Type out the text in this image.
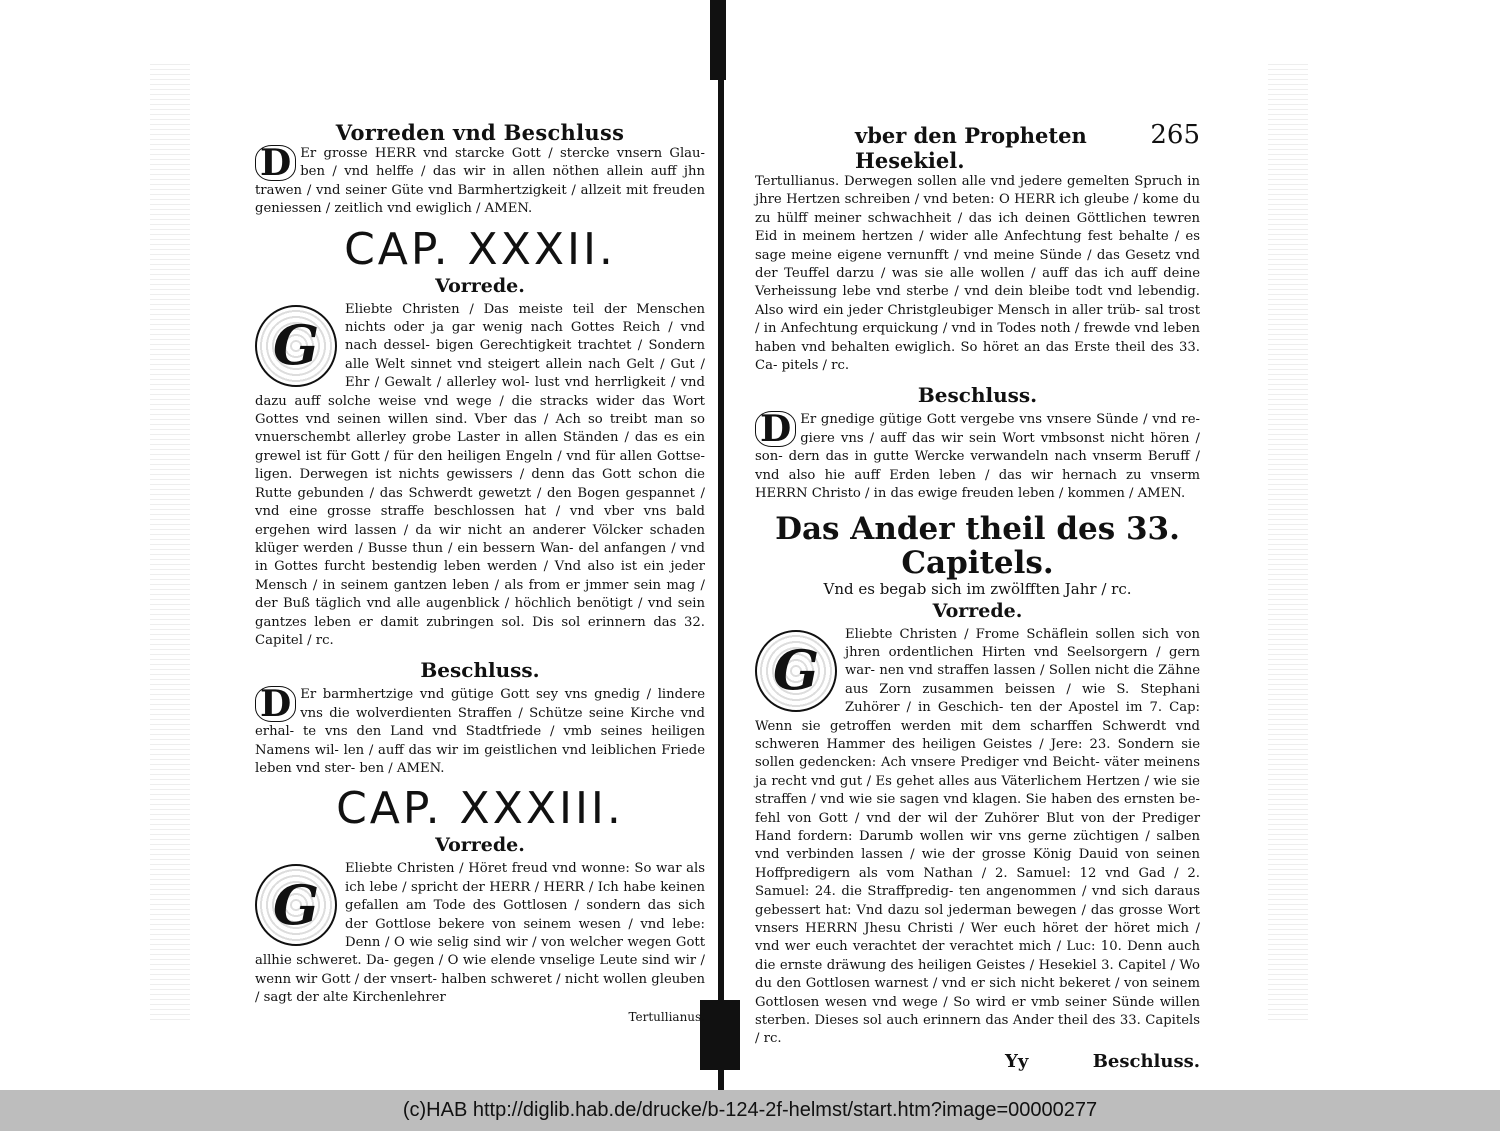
Vorreden vnd Beschluss

D Er grosse HERR vnd starcke Gott / stercke vnsern Glau- ben / vnd helffe / das wir in allen nöthen allein auff jhn trawen / vnd seiner Güte vnd Barmhertzigkeit / allzeit mit freuden geniessen / zeitlich vnd ewiglich / AMEN.

CAP. XXXII.
Vorrede.

G
Eliebte Christen / Das meiste teil der Menschen nichts oder ja gar wenig nach Gottes Reich / vnd nach dessel- bigen Gerechtigkeit trachtet / Sondern alle Welt sinnet vnd steigert allein nach Gelt / Gut / Ehr / Gewalt / allerley wol- lust vnd herrligkeit / vnd dazu auff solche weise vnd wege / die stracks wider das Wort Gottes vnd seinen willen sind. Vber das / Ach so treibt man so vnuerschembt allerley grobe Laster in allen Ständen / das es ein grewel ist für Gott / für den heiligen Engeln / vnd für allen Gottse- ligen. Derwegen ist nichts gewissers / denn das Gott schon die Rutte gebunden / das Schwerdt gewetzt / den Bogen gespannet / vnd eine grosse straffe beschlossen hat / vnd vber vns bald ergehen wird lassen / da wir nicht an anderer Völcker schaden klüger werden / Busse thun / ein bessern Wan- del anfangen / vnd in Gottes furcht bestendig leben werden / Vnd also ist ein jeder Mensch / in seinem gantzen leben / als from er jmmer sein mag / der Buß täglich vnd alle augenblick / höchlich benötigt / vnd sein gantzes leben er damit zubringen sol. Dis sol erinnern das 32. Capitel / rc.

Beschluss.

D Er barmhertzige vnd gütige Gott sey vns gnedig / lindere vns die wolverdienten Straffen / Schütze seine Kirche vnd erhal- te vns den Land vnd Stadtfriede / vmb seines heiligen Namens wil- len / auff das wir im geistlichen vnd leiblichen Friede leben vnd ster- ben / AMEN.

CAP. XXXIII.
Vorrede.

G
Eliebte Christen / Höret freud vnd wonne: So war als ich lebe / spricht der HERR / HERR / Ich habe keinen gefallen am Tode des Gottlosen / sondern das sich der Gottlose bekere von seinem wesen / vnd lebe: Denn / O wie selig sind wir / von welcher wegen Gott allhie schweret. Da- gegen / O wie elende vnselige Leute sind wir / wenn wir Gott / der vnsert- halben schweret / nicht wollen gleuben / sagt der alte Kirchenlehrer

Tertullianus.
vber den Propheten Hesekiel.
265

Tertullianus. Derwegen sollen alle vnd jedere gemelten Spruch in jhre Hertzen schreiben / vnd beten: O HERR ich gleube / kome du zu hülff meiner schwachheit / das ich deinen Göttlichen tewren Eid in meinem hertzen / wider alle Anfechtung fest behalte / es sage meine eigene vernunfft / vnd meine Sünde / das Gesetz vnd der Teuffel darzu / was sie alle wollen / auff das ich auff deine Verheissung lebe vnd sterbe / vnd dein bleibe todt vnd lebendig. Also wird ein jeder Christgleubiger Mensch in aller trüb- sal trost / in Anfechtung erquickung / vnd in Todes noth / frewde vnd leben haben vnd behalten ewiglich. So höret an das Erste theil des 33. Ca- pitels / rc.

Beschluss.

D Er gnedige gütige Gott vergebe vns vnsere Sünde / vnd re- giere vns / auff das wir sein Wort vmbsonst nicht hören / son- dern das in gutte Wercke verwandeln nach vnserm Beruff / vnd also hie auff Erden leben / das wir hernach zu vnserm HERRN Christo / in das ewige freuden leben / kommen / AMEN.

Das Ander theil des 33. Capitels.
Vnd es begab sich im zwölfften Jahr / rc.
Vorrede.

G
Eliebte Christen / Frome Schäflein sollen sich von jhren ordentlichen Hirten vnd Seelsorgern / gern war- nen vnd straffen lassen / Sollen nicht die Zähne aus Zorn zusammen beissen / wie S. Stephani Zuhörer / in Geschich- ten der Apostel im 7. Cap: Wenn sie getroffen werden mit dem scharffen Schwerdt vnd schweren Hammer des heiligen Geistes / Jere: 23. Sondern sie sollen gedencken: Ach vnsere Prediger vnd Beicht- väter meinens ja recht vnd gut / Es gehet alles aus Väterlichem Hertzen / wie sie straffen / vnd wie sie sagen vnd klagen. Sie haben des ernsten be- fehl von Gott / vnd der wil der Zuhörer Blut von der Prediger Hand fordern: Darumb wollen wir vns gerne züchtigen / salben vnd verbinden lassen / wie der grosse König Dauid von seinen Hoffpredigern als vom Nathan / 2. Samuel: 12 vnd Gad / 2. Samuel: 24. die Straffpredig- ten angenommen / vnd sich daraus gebessert hat: Vnd dazu sol jederman bewegen / das grosse Wort vnsers HERRN Jhesu Christi / Wer euch höret der höret mich / vnd wer euch verachtet der verachtet mich / Luc: 10. Denn auch die ernste dräwung des heiligen Geistes / Hesekiel 3. Capitel / Wo du den Gottlosen warnest / vnd er sich nicht bekeret / von seinem Gottlosen wesen vnd wege / So wird er vmb seiner Sünde willen sterben. Dieses sol auch erinnern das Ander theil des 33. Capitels / rc.

Yy	Beschluss.
(c)HAB http://diglib.hab.de/drucke/b-124-2f-helmst/start.htm?image=00000277
